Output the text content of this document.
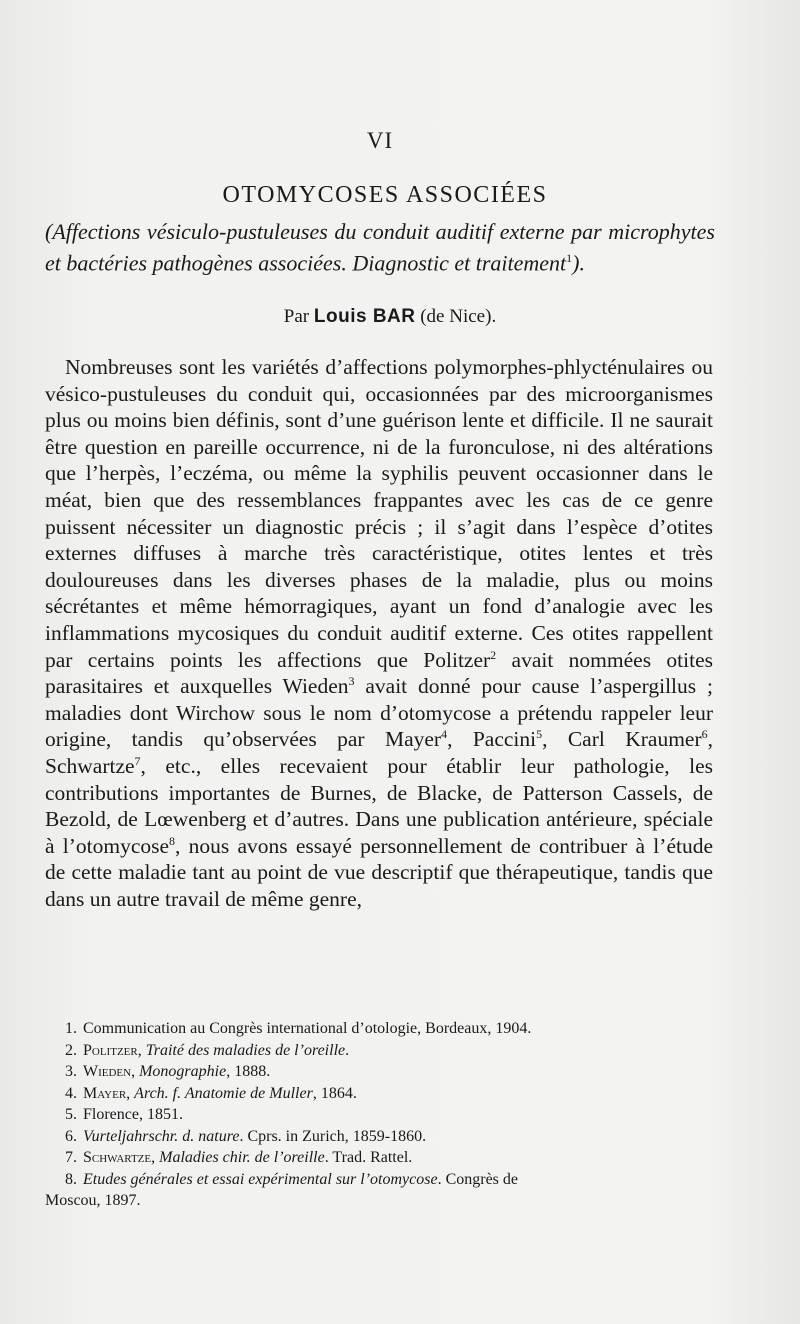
VI
OTOMYCOSES ASSOCIÉES
(Affections vésiculo-pustuleuses du conduit auditif externe par microphytes et bactéries pathogènes associées. Diagnostic et traitement$^1$).
Par Louis BAR (de Nice).
Nombreuses sont les variétés d’affections polymorphes-phlycténulaires ou vésico-pustuleuses du conduit qui, occasionnées par des microorganismes plus ou moins bien définis, sont d’une guérison lente et difficile. Il ne saurait être question en pareille occurrence, ni de la furonculose, ni des altérations que l’herpès, l’eczéma, ou même la syphilis peuvent occasionner dans le méat, bien que des ressemblances frappantes avec les cas de ce genre puissent nécessiter un diagnostic précis ; il s’agit dans l’espèce d’otites externes diffuses à marche très caractéristique, otites lentes et très douloureuses dans les diverses phases de la maladie, plus ou moins sécrétantes et même hémorragiques, ayant un fond d’analogie avec les inflammations mycosiques du conduit auditif externe. Ces otites rappellent par certains points les affections que Politzer$^2$ avait nommées otites parasitaires et auxquelles Wieden$^3$ avait donné pour cause l’aspergillus ; maladies dont Wirchow sous le nom d’otomycose a prétendu rappeler leur origine, tandis qu’observées par Mayer$^4$, Paccini$^5$, Carl Kraumer$^6$, Schwartze$^7$, etc., elles recevaient pour établir leur pathologie, les contributions importantes de Burnes, de Blacke, de Patterson Cassels, de Bezold, de Lœwenberg et d’autres. Dans une publication antérieure, spéciale à l’otomycose$^8$, nous avons essayé personnellement de contribuer à l’étude de cette maladie tant au point de vue descriptif que thérapeutique, tandis que dans un autre travail de même genre,
1. Communication au Congrès international d’otologie, Bordeaux, 1904.
2. Politzer, Traité des maladies de l’oreille.
3. Wieden, Monographie, 1888.
4. Mayer, Arch. f. Anatomie de Muller, 1864.
5. Florence, 1851.
6. Vurteljahrschr. d. nature. Cprs. in Zurich, 1859-1860.
7. Schwartze, Maladies chir. de l’oreille. Trad. Rattel.
8. Etudes générales et essai expérimental sur l’otomycose. Congrès de
Moscou, 1897.
